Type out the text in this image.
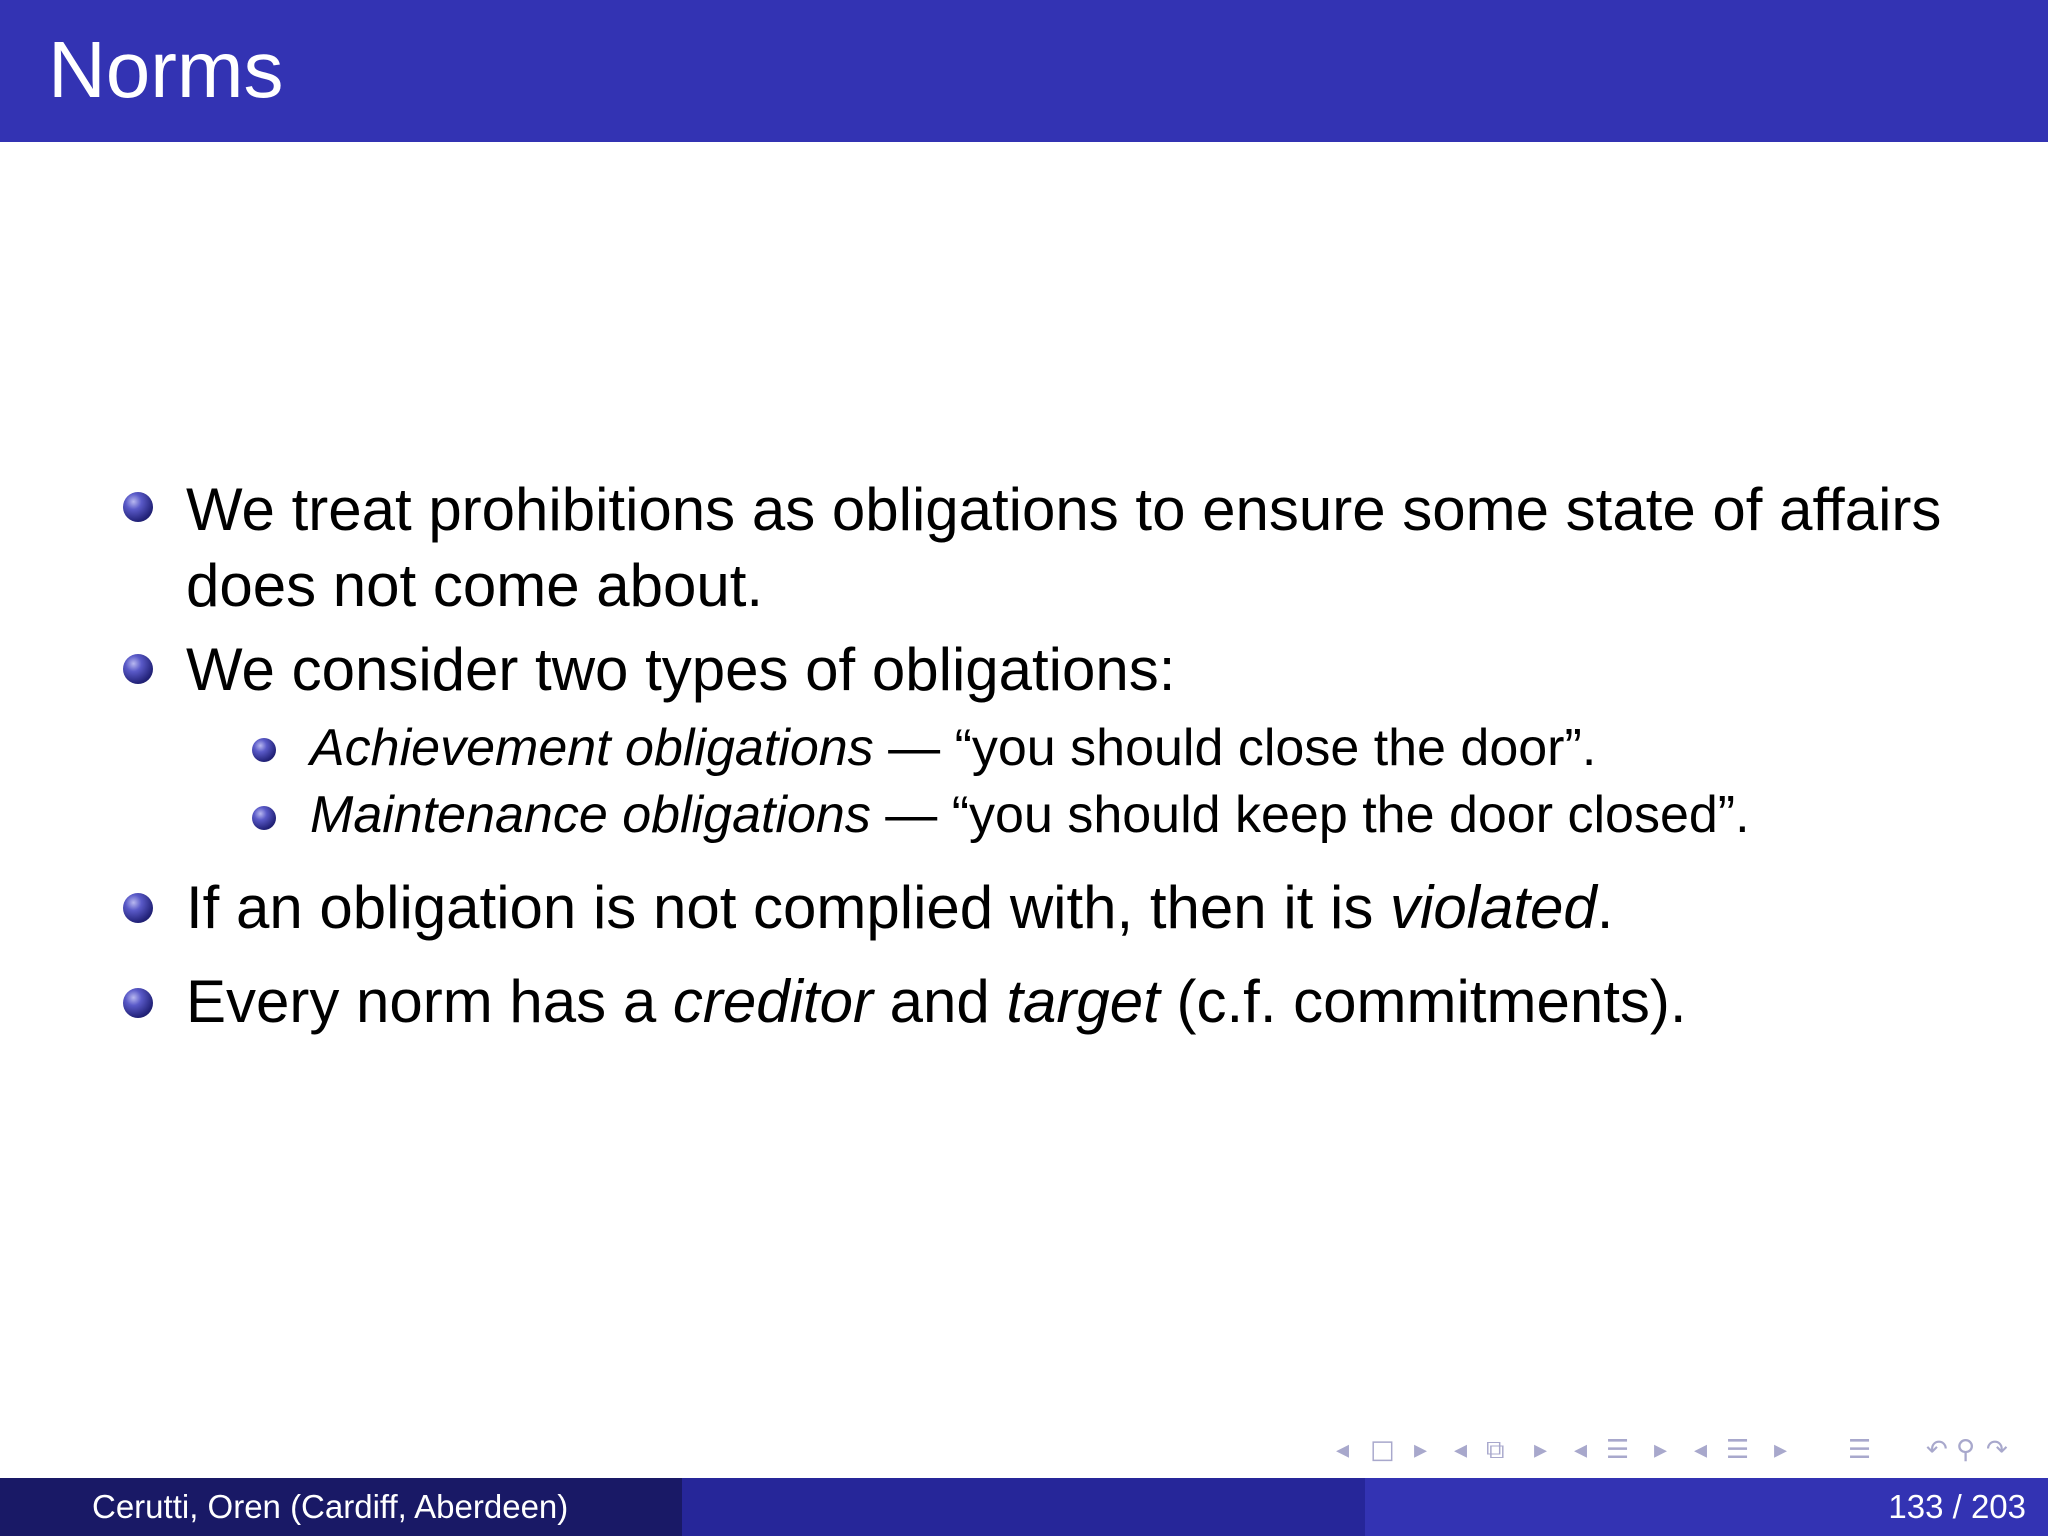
Norms
We treat prohibitions as obligations to ensure some state of affairs
does not come about.
We consider two types of obligations:
Achievement obligations — “you should close the door”.
Maintenance obligations — “you should keep the door closed”.
If an obligation is not complied with, then it is violated.
Every norm has a creditor and target (c.f. commitments).
◂ □ ▸ ◂ ⧉ ▸ ◂ ☰ ▸ ◂ ☰ ▸ ☰ ↶ ⚲ ↷
Cerutti, Oren (Cardiff, Aberdeen)	133 / 203
